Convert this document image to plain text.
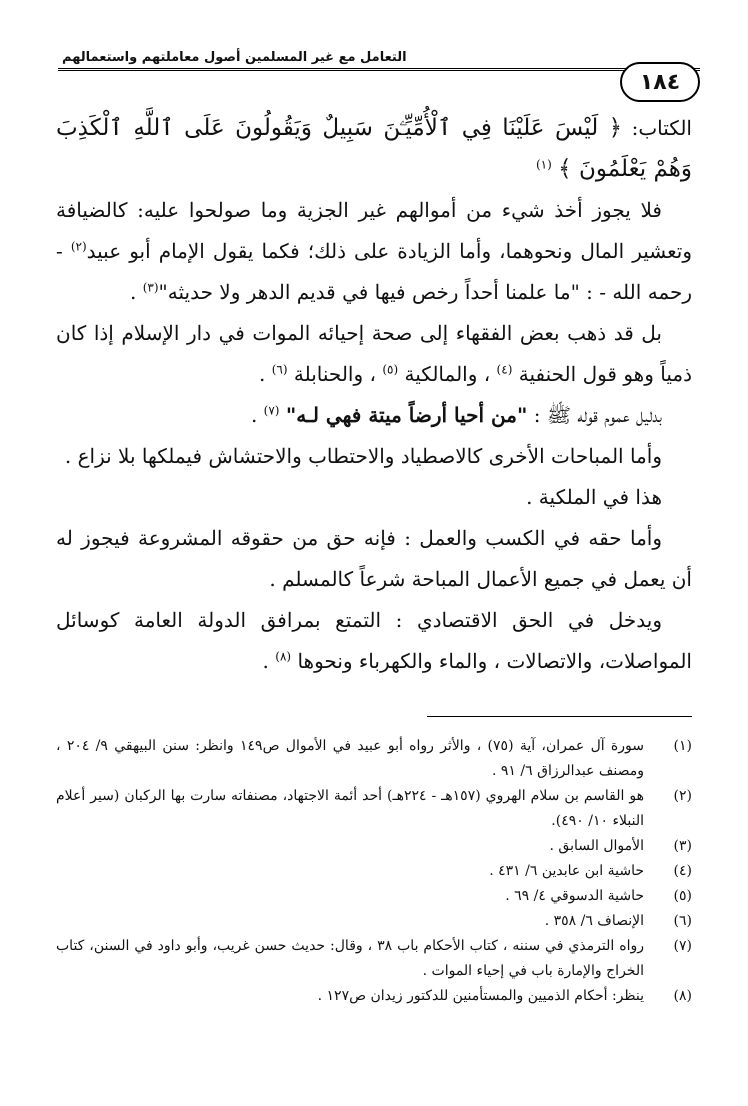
التعامل مع غير المسلمين أصول معاملتهم واستعمالهم
١٨٤

الكتاب: ﴿ لَيْسَ عَلَيْنَا فِي ٱلْأُمِّيِّـۧنَ سَبِيلٌ وَيَقُولُونَ عَلَى ٱللَّهِ ٱلْكَذِبَ وَهُمْ يَعْلَمُونَ ﴾ $^{(١)}$

فلا يجوز أخذ شيء من أموالهم غير الجزية وما صولحوا عليه: كالضيافة وتعشير المال ونحوهما، وأما الزيادة على ذلك؛ فكما يقول الإمام أبو عبيد$^{(٢)}$ - رحمه الله - : "ما علمنا أحداً رخص فيها في قديم الدهر ولا حديثه"$^{(٣)}$ .

بل قد ذهب بعض الفقهاء إلى صحة إحيائه الموات في دار الإسلام إذا كان ذمياً وهو قول الحنفية $^{(٤)}$ ، والمالكية $^{(٥)}$ ، والحنابلة $^{(٦)}$ .

بدليل عموم قوله ﷺ : "من أحيا أرضاً ميتة فهي لـه" $^{(٧)}$ .

وأما المباحات الأخرى كالاصطياد والاحتطاب والاحتشاش فيملكها بلا نزاع .

هذا في الملكية .

وأما حقه في الكسب والعمل : فإنه حق من حقوقه المشروعة فيجوز له أن يعمل في جميع الأعمال المباحة شرعاً كالمسلم .

ويدخل في الحق الاقتصادي : التمتع بمرافق الدولة العامة كوسائل المواصلات، والاتصالات ، والماء والكهرباء ونحوها $^{(٨)}$ .

(١)
سورة آل عمران، آية (٧٥) ، والأثر رواه أبو عبيد في الأموال ص١٤٩ وانظر: سنن البيهقي ٩/ ٢٠٤ ، ومصنف عبدالرزاق ٦/ ٩١ .
(٢)
هو القاسم بن سلام الهروي (١٥٧هـ - ٢٢٤هـ) أحد أئمة الاجتهاد، مصنفاته سارت بها الركبان (سير أعلام النبلاء ١٠/ ٤٩٠).
(٣)
الأموال السابق .
(٤)
حاشية ابن عابدين ٦/ ٤٣١ .
(٥)
حاشية الدسوقي ٤/ ٦٩ .
(٦)
الإنصاف ٦/ ٣٥٨ .
(٧)
رواه الترمذي في سننه ، كتاب الأحكام باب ٣٨ ، وقال: حديث حسن غريب، وأبو داود في السنن، كتاب الخراج والإمارة باب في إحياء الموات .
(٨)
ينظر: أحكام الذميين والمستأمنين للدكتور زيدان ص١٢٧ .
